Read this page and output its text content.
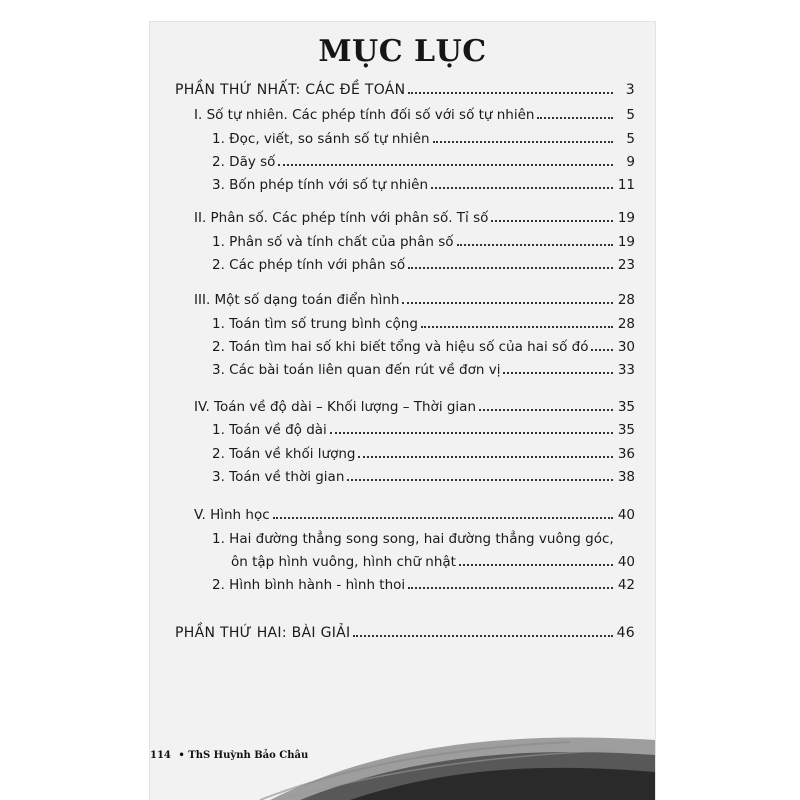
MỤC LỤC
PHẦN THỨ NHẤT: CÁC ĐỀ TOÁN	3
I. Số tự nhiên. Các phép tính đối số với số tự nhiên	5
1. Đọc, viết, so sánh số tự nhiên	5
2. Dãy số	9
3. Bốn phép tính với số tự nhiên	11
II. Phân số. Các phép tính với phân số. Tỉ số	19
1. Phân số và tính chất của phân số	19
2. Các phép tính với phân số	23
III. Một số dạng toán điển hình	28
1. Toán tìm số trung bình cộng	28
2. Toán tìm hai số khi biết tổng và hiệu số của hai số đó	30
3. Các bài toán liên quan đến rút về đơn vị	33
IV. Toán về độ dài – Khối lượng – Thời gian	35
1. Toán về độ dài	35
2. Toán về khối lượng	36
3. Toán về thời gian	38
V. Hình học	40
1. Hai đường thẳng song song, hai đường thẳng vuông góc,
ôn tập hình vuông, hình chữ nhật	40
2. Hình bình hành - hình thoi	42
PHẦN THỨ HAI: BÀI GIẢI	46
114 • ThS Huỳnh Bảo Châu
